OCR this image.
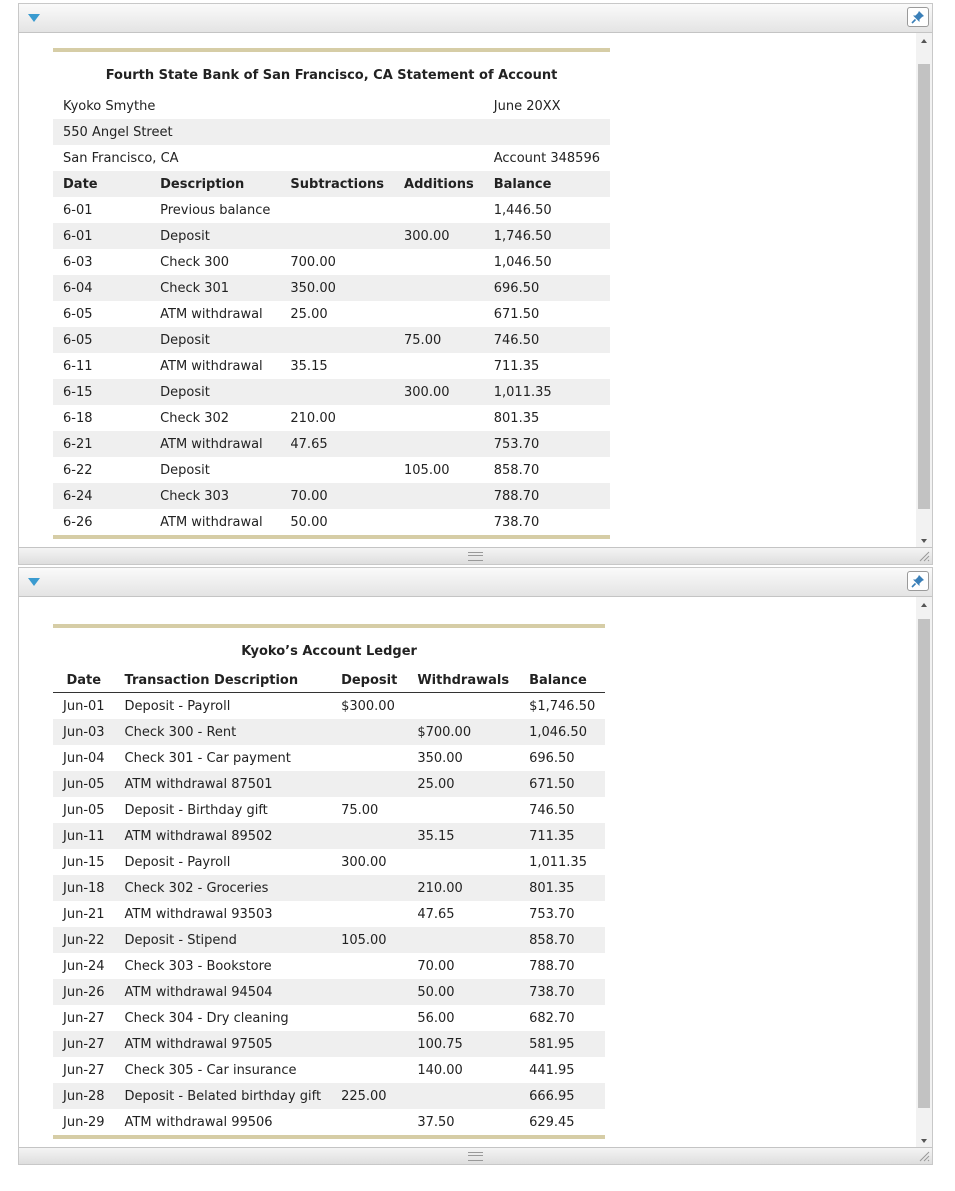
Fourth State Bank of San Francisco, CA Statement of Account				
Kyoko Smythe				June 20XX
550 Angel Street				
San Francisco, CA				Account 348596
Date	Description	Subtractions	Additions	Balance
6-01	Previous balance			1,446.50
6-01	Deposit		300.00	1,746.50
6-03	Check 300	700.00		1,046.50
6-04	Check 301	350.00		696.50
6-05	ATM withdrawal	25.00		671.50
6-05	Deposit		75.00	746.50
6-11	ATM withdrawal	35.15		711.35
6-15	Deposit		300.00	1,011.35
6-18	Check 302	210.00		801.35
6-21	ATM withdrawal	47.65		753.70
6-22	Deposit		105.00	858.70
6-24	Check 303	70.00		788.70
6-26	ATM withdrawal	50.00		738.70
Kyoko’s Account Ledger				
Date	Transaction Description	Deposit	Withdrawals	Balance
Jun-01	Deposit - Payroll	$300.00		$1,746.50
Jun-03	Check 300 - Rent		$700.00	1,046.50
Jun-04	Check 301 - Car payment		350.00	696.50
Jun-05	ATM withdrawal 87501		25.00	671.50
Jun-05	Deposit - Birthday gift	75.00		746.50
Jun-11	ATM withdrawal 89502		35.15	711.35
Jun-15	Deposit - Payroll	300.00		1,011.35
Jun-18	Check 302 - Groceries		210.00	801.35
Jun-21	ATM withdrawal 93503		47.65	753.70
Jun-22	Deposit - Stipend	105.00		858.70
Jun-24	Check 303 - Bookstore		70.00	788.70
Jun-26	ATM withdrawal 94504		50.00	738.70
Jun-27	Check 304 - Dry cleaning		56.00	682.70
Jun-27	ATM withdrawal 97505		100.75	581.95
Jun-27	Check 305 - Car insurance		140.00	441.95
Jun-28	Deposit - Belated birthday gift	225.00		666.95
Jun-29	ATM withdrawal 99506		37.50	629.45
